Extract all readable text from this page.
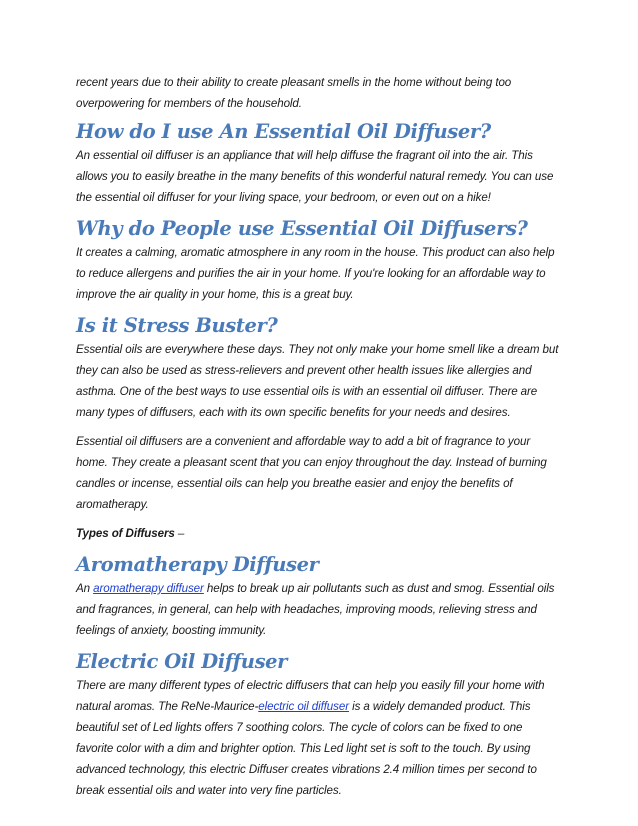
recent years due to their ability to create pleasant smells in the home without being too overpowering for members of the household.

How do I use An Essential Oil Diffuser?

An essential oil diffuser is an appliance that will help diffuse the fragrant oil into the air. This allows you to easily breathe in the many benefits of this wonderful natural remedy. You can use the essential oil diffuser for your living space, your bedroom, or even out on a hike!

Why do People use Essential Oil Diffusers?

It creates a calming, aromatic atmosphere in any room in the house. This product can also help to reduce allergens and purifies the air in your home. If you're looking for an affordable way to improve the air quality in your home, this is a great buy.

Is it Stress Buster?

Essential oils are everywhere these days. They not only make your home smell like a dream but they can also be used as stress-relievers and prevent other health issues like allergies and asthma. One of the best ways to use essential oils is with an essential oil diffuser. There are many types of diffusers, each with its own specific benefits for your needs and desires.

Essential oil diffusers are a convenient and affordable way to add a bit of fragrance to your home. They create a pleasant scent that you can enjoy throughout the day. Instead of burning candles or incense, essential oils can help you breathe easier and enjoy the benefits of aromatherapy.

Types of Diffusers –

Aromatherapy Diffuser

An aromatherapy diffuser helps to break up air pollutants such as dust and smog. Essential oils and fragrances, in general, can help with headaches, improving moods, relieving stress and feelings of anxiety, boosting immunity.

Electric Oil Diffuser

There are many different types of electric diffusers that can help you easily fill your home with natural aromas. The ReNe-Maurice-electric oil diffuser is a widely demanded product. This beautiful set of Led lights offers 7 soothing colors. The cycle of colors can be fixed to one favorite color with a dim and brighter option. This Led light set is soft to the touch. By using advanced technology, this electric Diffuser creates vibrations 2.4 million times per second to break essential oils and water into very fine particles.
